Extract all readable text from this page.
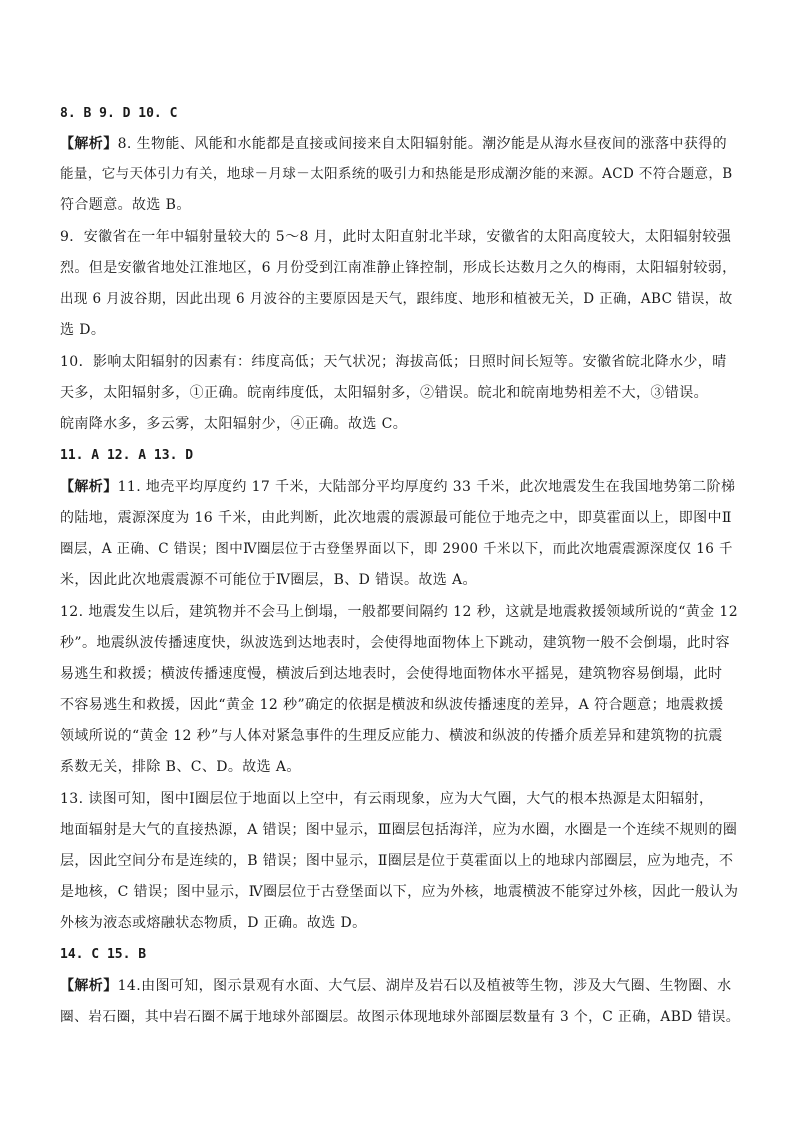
8. B 9. D 10. C
【解析】8. 生物能、风能和水能都是直接或间接来自太阳辐射能。潮汐能是从海水昼夜间的涨落中获得的
能量，它与天体引力有关，地球－月球－太阳系统的吸引力和热能是形成潮汐能的来源。ACD 不符合题意，B
符合题意。故选 B。
9．安徽省在一年中辐射量较大的 5～8 月，此时太阳直射北半球，安徽省的太阳高度较大，太阳辐射较强
烈。但是安徽省地处江淮地区，6 月份受到江南准静止锋控制，形成长达数月之久的梅雨，太阳辐射较弱，
出现 6 月波谷期，因此出现 6 月波谷的主要原因是天气，跟纬度、地形和植被无关，D 正确，ABC 错误，故
选 D。
10．影响太阳辐射的因素有：纬度高低；天气状况；海拔高低；日照时间长短等。安徽省皖北降水少，晴
天多，太阳辐射多，①正确。皖南纬度低，太阳辐射多，②错误。皖北和皖南地势相差不大，③错误。
皖南降水多，多云雾，太阳辐射少，④正确。故选 C。
11. A 12. A 13. D
【解析】11. 地壳平均厚度约 17 千米，大陆部分平均厚度约 33 千米，此次地震发生在我国地势第二阶梯
的陆地，震源深度为 16 千米，由此判断，此次地震的震源最可能位于地壳之中，即莫霍面以上，即图中Ⅱ
圈层，A 正确、C 错误；图中Ⅳ圈层位于古登堡界面以下，即 2900 千米以下，而此次地震震源深度仅 16 千
米，因此此次地震震源不可能位于Ⅳ圈层，B、D 错误。故选 A。
12. 地震发生以后，建筑物并不会马上倒塌，一般都要间隔约 12 秒，这就是地震救援领域所说的“黄金 12
秒”。地震纵波传播速度快，纵波选到达地表时，会使得地面物体上下跳动，建筑物一般不会倒塌，此时容
易逃生和救援；横波传播速度慢，横波后到达地表时，会使得地面物体水平摇晃，建筑物容易倒塌，此时
不容易逃生和救援，因此“黄金 12 秒”确定的依据是横波和纵波传播速度的差异，A 符合题意；地震救援
领域所说的“黄金 12 秒”与人体对紧急事件的生理反应能力、横波和纵波的传播介质差异和建筑物的抗震
系数无关，排除 B、C、D。故选 A。
13. 读图可知，图中Ⅰ圈层位于地面以上空中，有云雨现象，应为大气圈，大气的根本热源是太阳辐射，
地面辐射是大气的直接热源，A 错误；图中显示，Ⅲ圈层包括海洋，应为水圈，水圈是一个连续不规则的圈
层，因此空间分布是连续的，B 错误；图中显示，Ⅱ圈层是位于莫霍面以上的地球内部圈层，应为地壳，不
是地核，C 错误；图中显示，Ⅳ圈层位于古登堡面以下，应为外核，地震横波不能穿过外核，因此一般认为
外核为液态或熔融状态物质，D 正确。故选 D。
14. C 15. B
【解析】14.由图可知，图示景观有水面、大气层、湖岸及岩石以及植被等生物，涉及大气圈、生物圈、水
圈、岩石圈，其中岩石圈不属于地球外部圈层。故图示体现地球外部圈层数量有 3 个，C 正确，ABD 错误。
